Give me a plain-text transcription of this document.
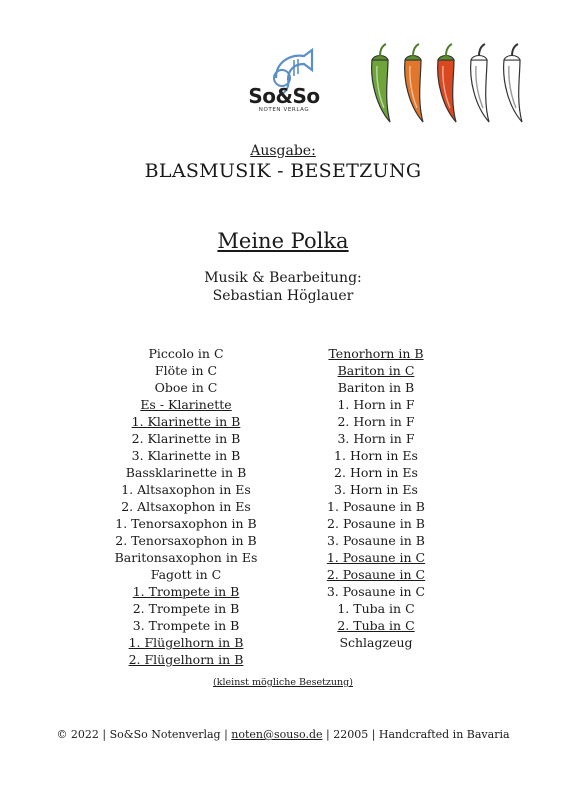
So&So
NOTEN VERLAG
Ausgabe:
BLASMUSIK - BESETZUNG
Meine Polka
Musik & Bearbeitung:
Sebastian Höglauer
Piccolo in C
Flöte in C
Oboe in C
Es - Klarinette
1. Klarinette in B
2. Klarinette in B
3. Klarinette in B
Bassklarinette in B
1. Altsaxophon in Es
2. Altsaxophon in Es
1. Tenorsaxophon in B
2. Tenorsaxophon in B
Baritonsaxophon in Es
Fagott in C
1. Trompete in B
2. Trompete in B
3. Trompete in B
1. Flügelhorn in B
2. Flügelhorn in B
Tenorhorn in B
Bariton in C
Bariton in B
1. Horn in F
2. Horn in F
3. Horn in F
1. Horn in Es
2. Horn in Es
3. Horn in Es
1. Posaune in B
2. Posaune in B
3. Posaune in B
1. Posaune in C
2. Posaune in C
3. Posaune in C
1. Tuba in C
2. Tuba in C
Schlagzeug
(kleinst mögliche Besetzung)
© 2022 | So&So Notenverlag | noten@souso.de | 22005 | Handcrafted in Bavaria
